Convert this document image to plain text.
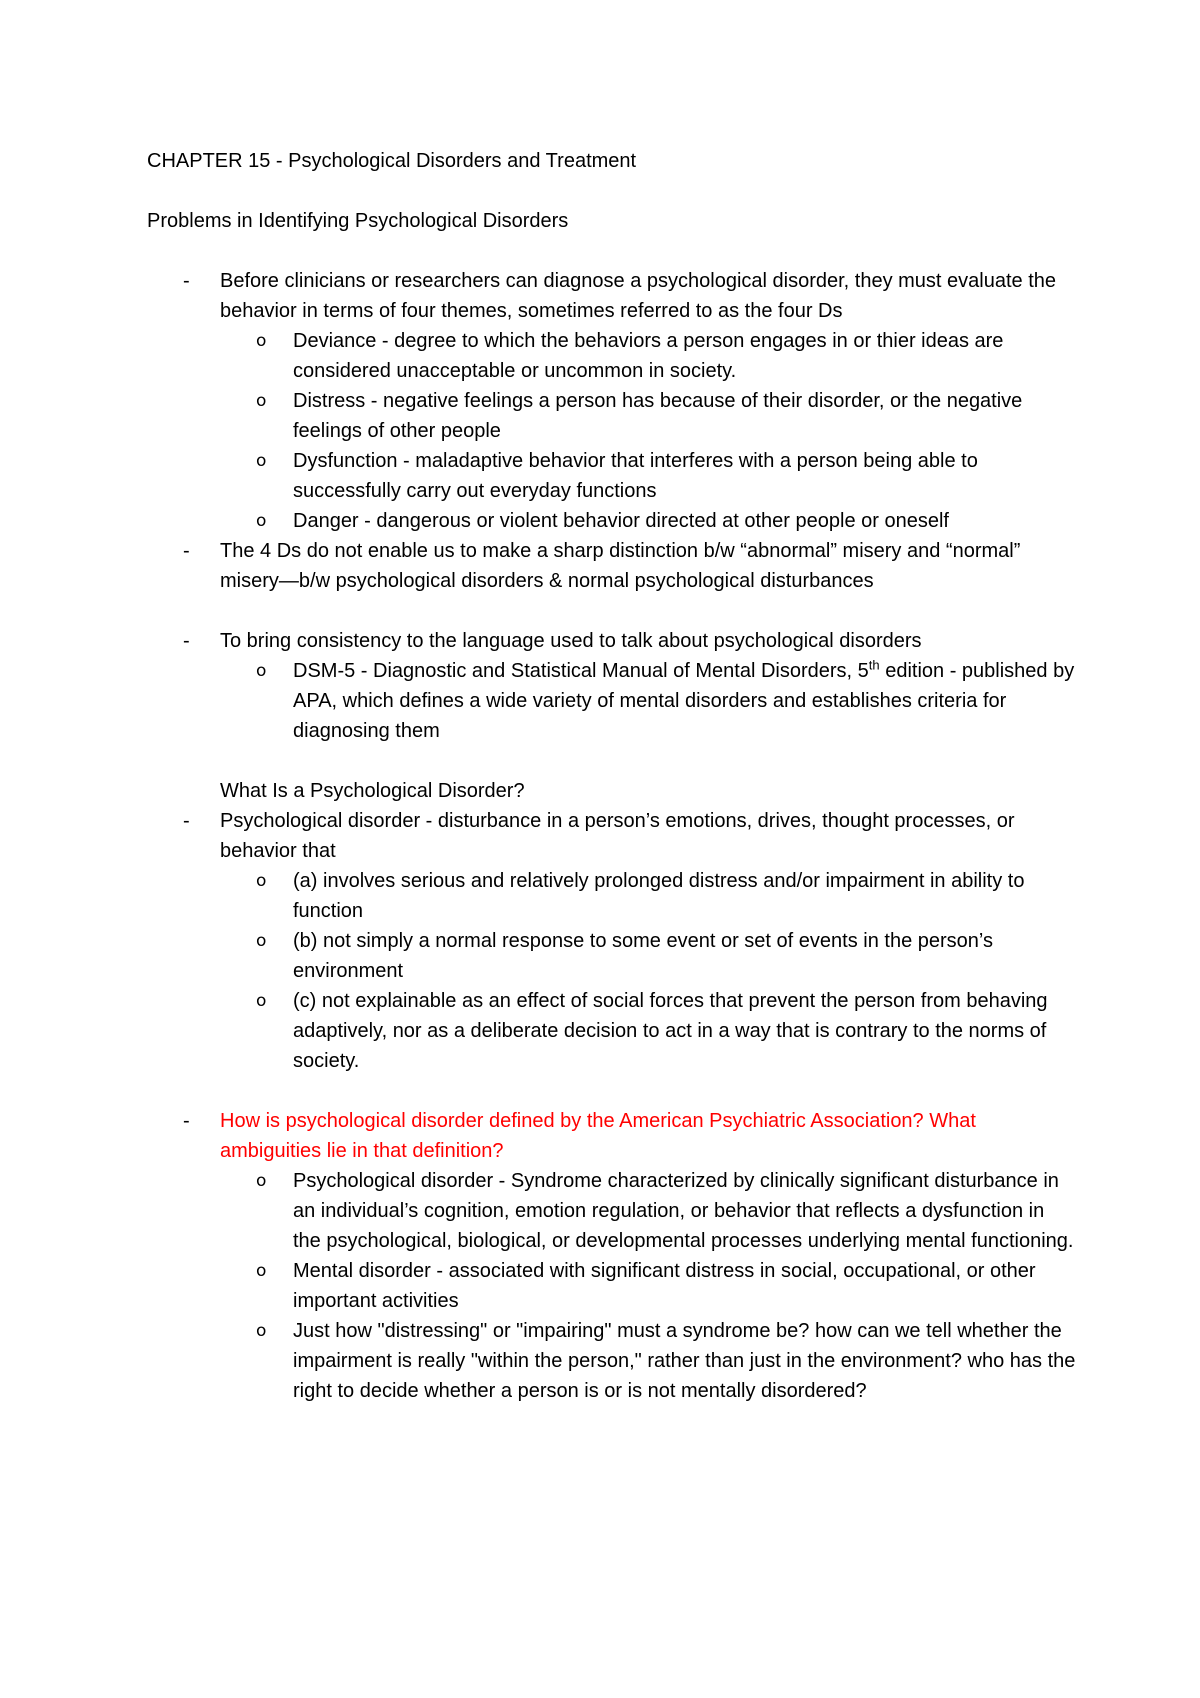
CHAPTER 15 - Psychological Disorders and Treatment
Problems in Identifying Psychological Disorders
- Before clinicians or researchers can diagnose a psychological disorder, they must evaluate the behavior in terms of four themes, sometimes referred to as the four Ds
o Deviance - degree to which the behaviors a person engages in or thier ideas are considered unacceptable or uncommon in society.
o Distress - negative feelings a person has because of their disorder, or the negative feelings of other people
o Dysfunction - maladaptive behavior that interferes with a person being able to successfully carry out everyday functions
o Danger - dangerous or violent behavior directed at other people or oneself
- The 4 Ds do not enable us to make a sharp distinction b/w “abnormal” misery and “normal” misery—b/w psychological disorders & normal psychological disturbances
- To bring consistency to the language used to talk about psychological disorders
o DSM-5 - Diagnostic and Statistical Manual of Mental Disorders, 5th edition - published by APA, which defines a wide variety of mental disorders and establishes criteria for diagnosing them
What Is a Psychological Disorder?
- Psychological disorder - disturbance in a person’s emotions, drives, thought processes, or behavior that
o (a) involves serious and relatively prolonged distress and/or impairment in ability to function
o (b) not simply a normal response to some event or set of events in the person’s environment
o (c) not explainable as an effect of social forces that prevent the person from behaving adaptively, nor as a deliberate decision to act in a way that is contrary to the norms of society.
- How is psychological disorder defined by the American Psychiatric Association? What ambiguities lie in that definition?
o Psychological disorder - Syndrome characterized by clinically significant disturbance in an individual’s cognition, emotion regulation, or behavior that reflects a dysfunction in the psychological, biological, or developmental processes underlying mental functioning.
o Mental disorder - associated with significant distress in social, occupational, or other important activities
o Just how "distressing" or "impairing" must a syndrome be? how can we tell whether the impairment is really "within the person," rather than just in the environment? who has the right to decide whether a person is or is not mentally disordered?
